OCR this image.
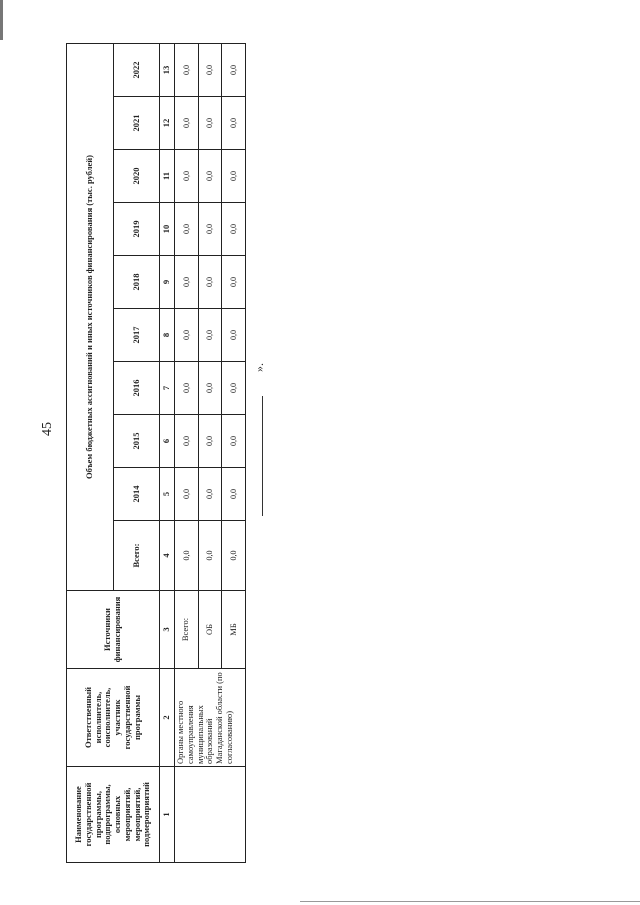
45
».
Наименование государственной программы, подпрограммы, основных мероприятий, мероприятий, подмероприятий	Ответственный исполнитель, соисполнитель, участник государственной программы	Источники финансирования	Объем бюджетных ассигнований и иных источников финансирования (тыс. рублей)									
			Всего:	2014	2015	2016	2017	2018	2019	2020	2021	2022
1	2	3	4	5	6	7	8	9	10	11	12	13
	Органы местного самоуправления муниципальных образований Магаданской области (по согласованию)	Всего:	0,0	0,0	0,0	0,0	0,0	0,0	0,0	0,0	0,0	0,0
		ОБ	0,0	0,0	0,0	0,0	0,0	0,0	0,0	0,0	0,0	0,0
		МБ	0,0	0,0	0,0	0,0	0,0	0,0	0,0	0,0	0,0	0,0
